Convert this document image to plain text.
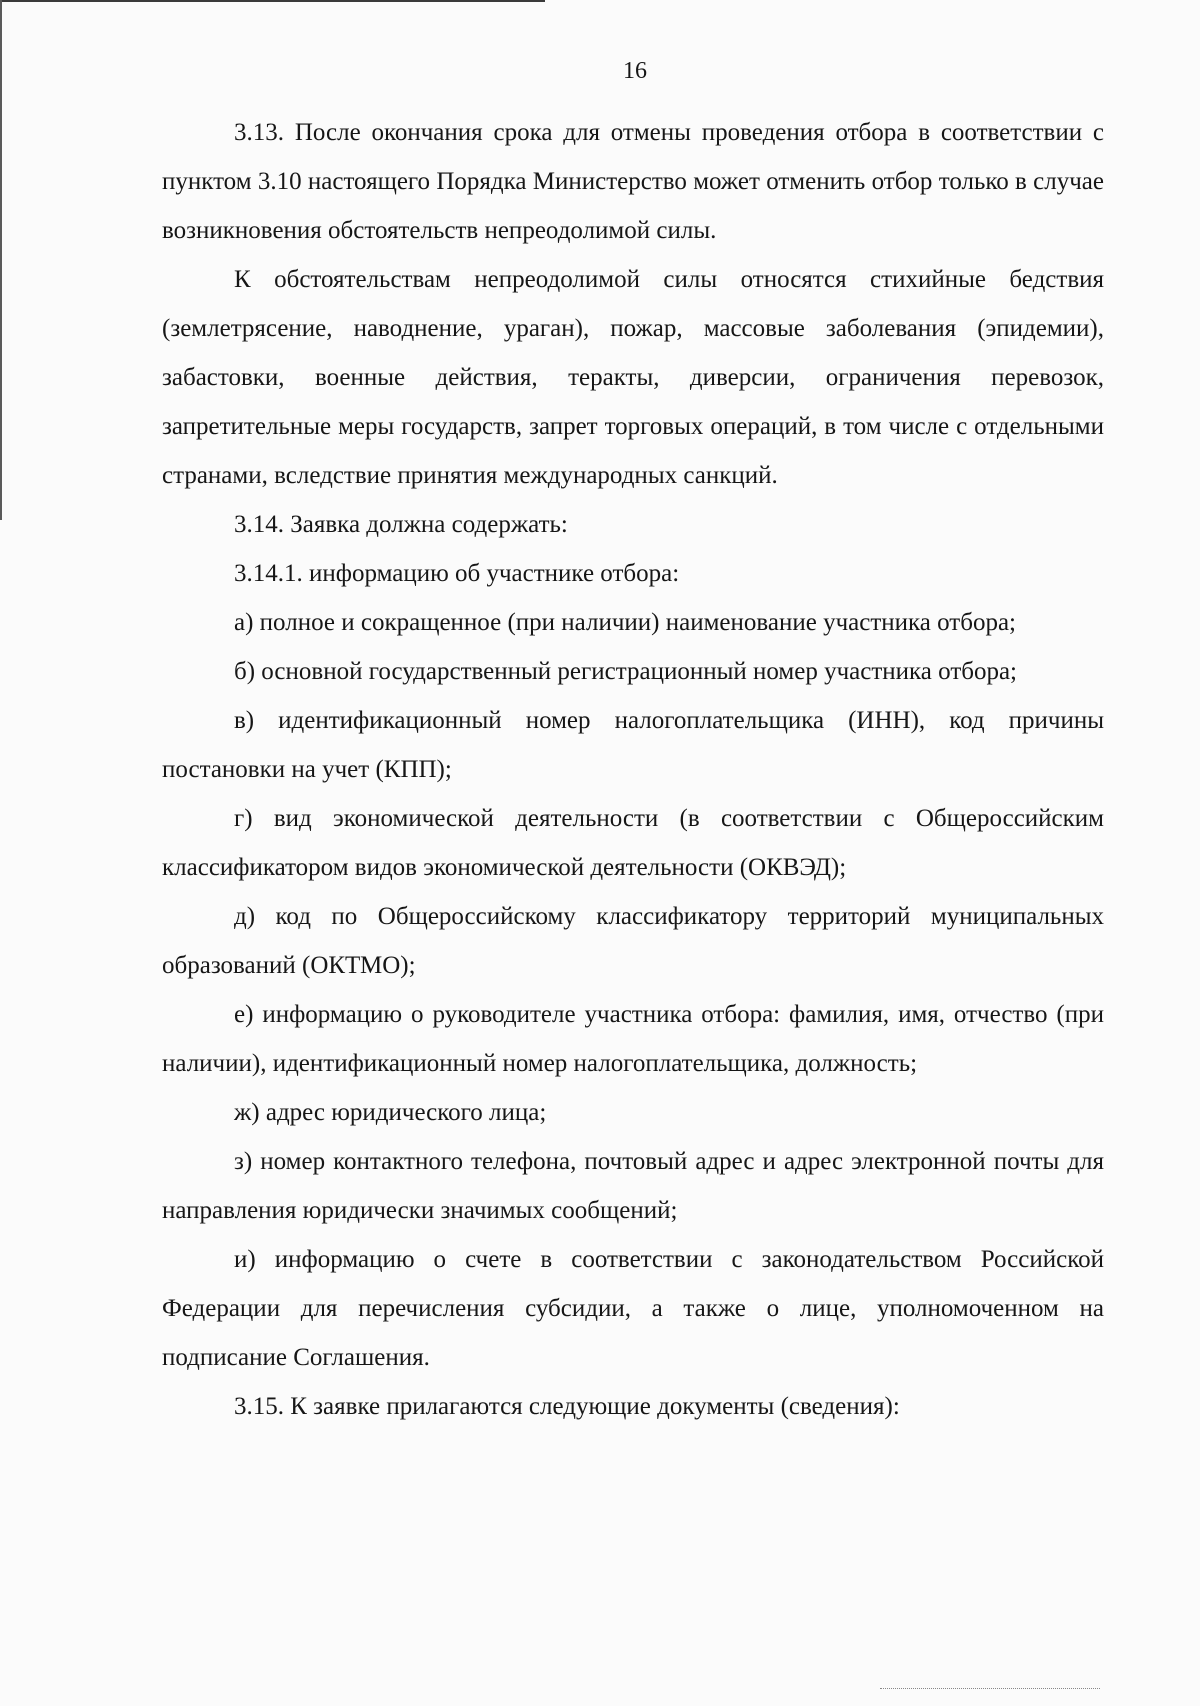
16

3.13. После окончания срока для отмены проведения отбора в соответствии с пунктом 3.10 настоящего Порядка Министерство может отменить отбор только в случае возникновения обстоятельств непреодолимой силы.

К обстоятельствам непреодолимой силы относятся стихийные бедствия (землетрясение, наводнение, ураган), пожар, массовые заболевания (эпидемии), забастовки, военные действия, теракты, диверсии, ограничения перевозок, запретительные меры государств, запрет торговых операций, в том числе с отдельными странами, вследствие принятия международных санкций.

3.14. Заявка должна содержать:

3.14.1. информацию об участнике отбора:

а) полное и сокращенное (при наличии) наименование участника отбора;

б) основной государственный регистрационный номер участника отбора;

в) идентификационный номер налогоплательщика (ИНН), код причины постановки на учет (КПП);

г) вид экономической деятельности (в соответствии с Общероссийским классификатором видов экономической деятельности (ОКВЭД);

д) код по Общероссийскому классификатору территорий муниципальных образований (ОКТМО);

е) информацию о руководителе участника отбора: фамилия, имя, отчество (при наличии), идентификационный номер налогоплательщика, должность;

ж) адрес юридического лица;

з) номер контактного телефона, почтовый адрес и адрес электронной почты для направления юридически значимых сообщений;

и) информацию о счете в соответствии с законодательством Российской Федерации для перечисления субсидии, а также о лице, уполномоченном на подписание Соглашения.

3.15. К заявке прилагаются следующие документы (сведения):
